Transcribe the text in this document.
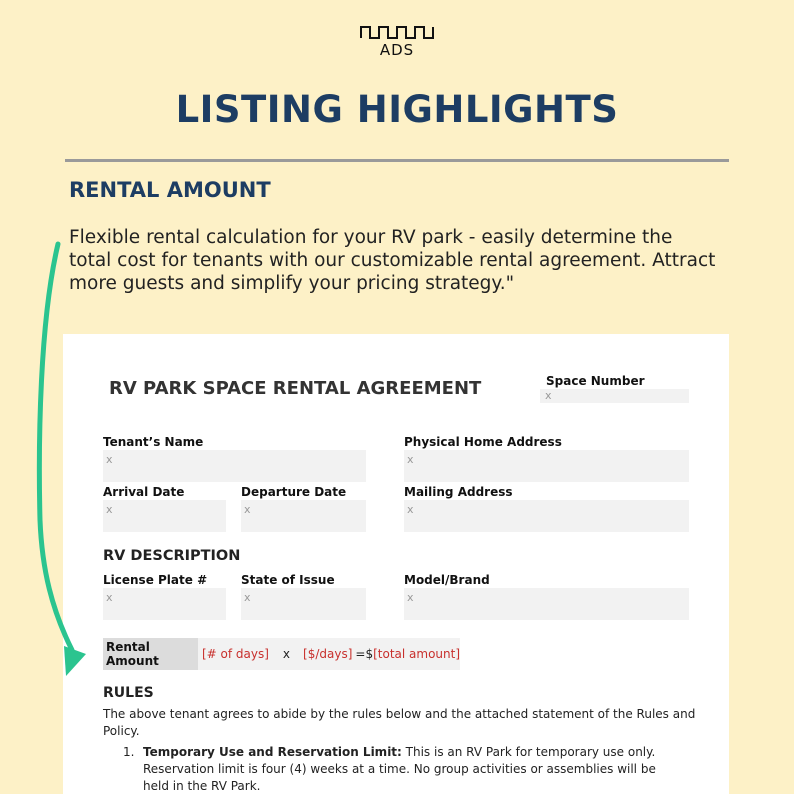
ADS
LISTING HIGHLIGHTS
RENTAL AMOUNT
Flexible rental calculation for your RV park - easily determine the total cost for tenants with our customizable rental agreement. Attract more guests and simplify your pricing strategy."
RV PARK SPACE RENTAL AGREEMENT	Space Number
x
Tenant’s Name
x
Physical Home Address
x
Arrival Date
x
Departure Date
x
Mailing Address
x
RV DESCRIPTION
License Plate #
x
State of Issue
x
Model/Brand
x
Rental Amount	[# of days] x [$/days] =$ [total amount]
RULES
The above tenant agrees to abide by the rules below and the attached statement of the Rules and Policy.
1. Temporary Use and Reservation Limit: This is an RV Park for temporary use only. Reservation limit is four (4) weeks at a time. No group activities or assemblies will be held in the RV Park.
